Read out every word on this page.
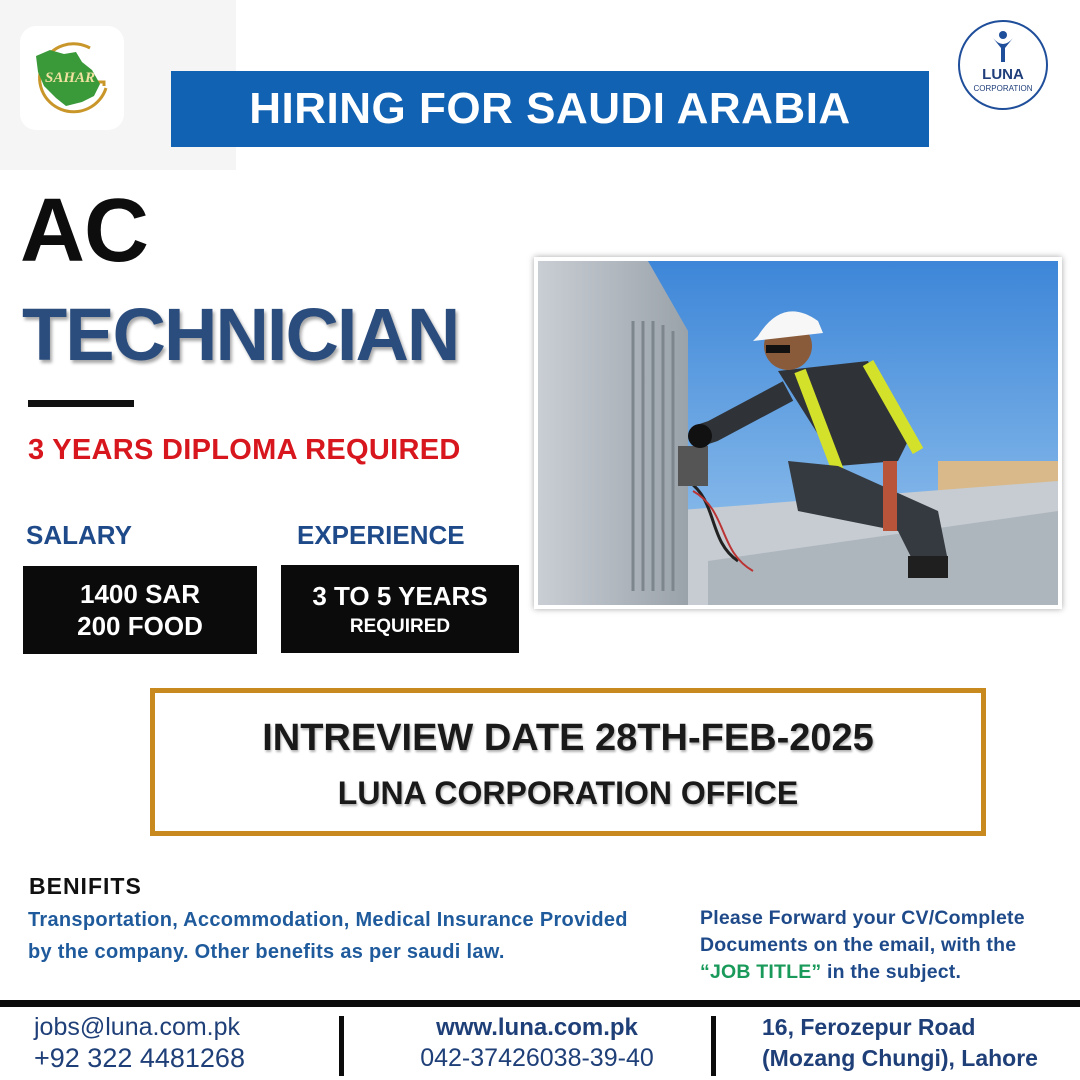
SAHAR	LUNA
CORPORATION
HIRING FOR SAUDI ARABIA
AC
TECHNICIAN
3 YEARS DIPLOMA REQUIRED
SALARY	EXPERIENCE
1400 SAR
200 FOOD
3 TO 5 YEARS
REQUIRED
INTREVIEW DATE 28TH-FEB-2025
LUNA CORPORATION OFFICE
BENIFITS
Transportation, Accommodation, Medical Insurance Provided by the company. Other benefits as per saudi law.
Please Forward your CV/Complete Documents on the email, with the “JOB TITLE” in the subject.
jobs@luna.com.pk
+92 322 4481268
www.luna.com.pk
042-37426038-39-40
16, Ferozepur Road
(Mozang Chungi), Lahore
